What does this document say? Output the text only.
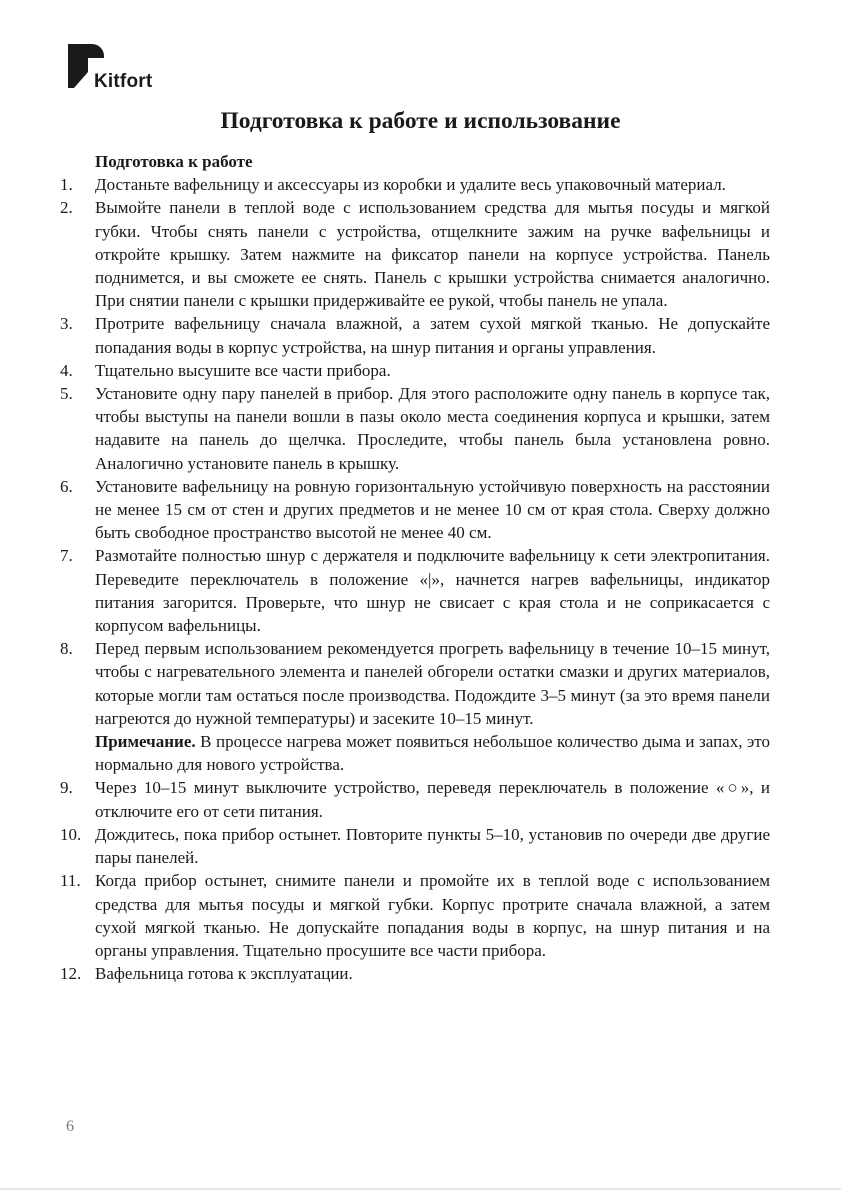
Kitfort
Подготовка к работе и использование

Подготовка к работе

1.	Достаньте вафельницу и аксессуары из коробки и удалите весь упаковочный материал.

2.	Вымойте панели в теплой воде с использованием средства для мытья посуды и мягкой губки. Чтобы снять панели с устройства, отщелкните зажим на ручке вафельницы и откройте крышку. Затем нажмите на фиксатор панели на корпусе устройства. Панель поднимется, и вы сможете ее снять. Панель с крышки устройства снимается аналогично. При снятии панели с крышки придерживайте ее рукой, чтобы панель не упала.

3.	Протрите вафельницу сначала влажной, а затем сухой мягкой тканью. Не допускайте попадания воды в корпус устройства, на шнур питания и органы управления.

4.	Тщательно высушите все части прибора.

5.	Установите одну пару панелей в прибор. Для этого расположите одну панель в корпусе так, чтобы выступы на панели вошли в пазы около места соединения корпуса и крышки, затем надавите на панель до щелчка. Проследите, чтобы панель была установлена ровно. Аналогично установите панель в крышку.

6.	Установите вафельницу на ровную горизонтальную устойчивую поверхность на расстоянии не менее 15 см от стен и других предметов и не менее 10 см от края стола. Сверху должно быть свободное пространство высотой не менее 40 см.

7.	Размотайте полностью шнур с держателя и подключите вафельницу к сети электропитания. Переведите переключатель в положение «|», начнется нагрев вафельницы, индикатор питания загорится. Проверьте, что шнур не свисает с края стола и не соприкасается с корпусом вафельницы.

8.	Перед первым использованием рекомендуется прогреть вафельницу в течение 10–15 минут, чтобы с нагревательного элемента и панелей обгорели остатки смазки и других материалов, которые могли там остаться после производства. Подождите 3–5 минут (за это время панели нагреются до нужной температуры) и засеките 10–15 минут.

Примечание. В процессе нагрева может появиться небольшое количество дыма и запах, это нормально для нового устройства.

9.	Через 10–15 минут выключите устройство, переведя переключатель в положение «○», и отключите его от сети питания.

10. Дождитесь, пока прибор остынет. Повторите пункты 5–10, установив по очереди две другие пары панелей.

11. Когда прибор остынет, снимите панели и промойте их в теплой воде с использованием средства для мытья посуды и мягкой губки. Корпус протрите сначала влажной, а затем сухой мягкой тканью. Не допускайте попадания воды в корпус, на шнур питания и на органы управления. Тщательно просушите все части прибора.

12. Вафельница готова к эксплуатации.

6
